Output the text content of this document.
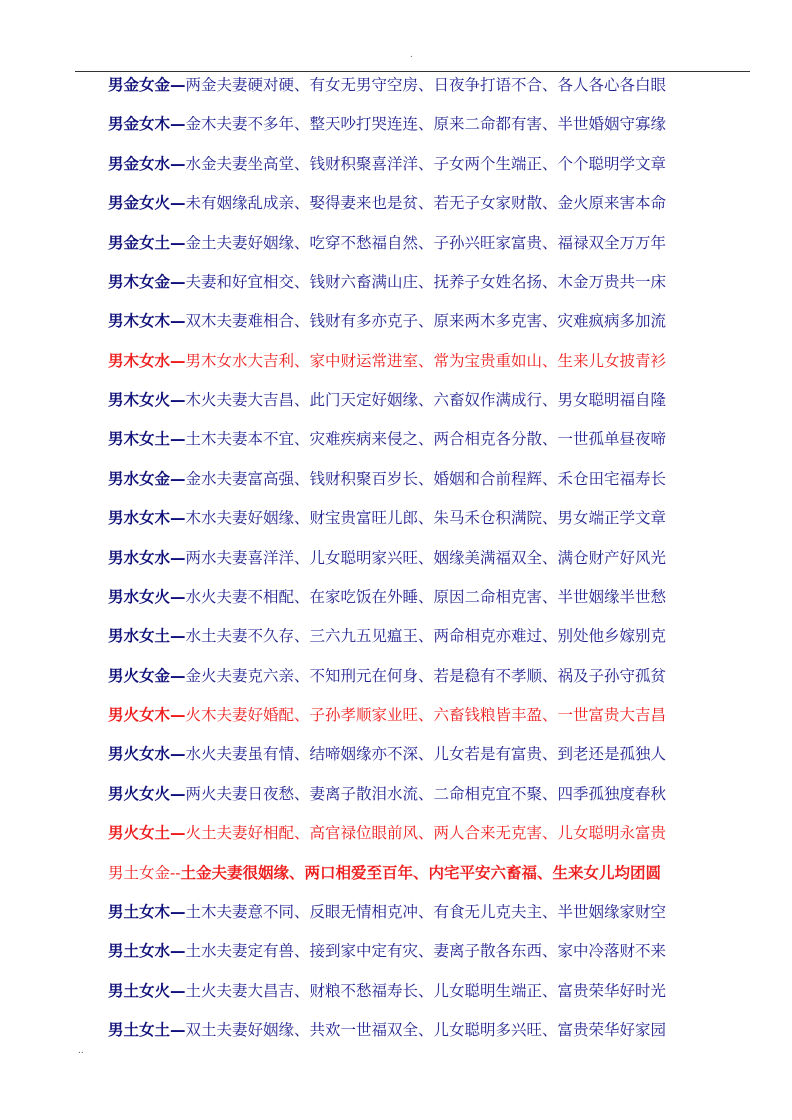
.
男金女金—两金夫妻硬对硬、有女无男守空房、日夜争打语不合、各人各心各白眼
男金女木—金木夫妻不多年、整天吵打哭连连、原来二命都有害、半世婚姻守寡缘
男金女水—水金夫妻坐高堂、钱财积聚喜洋洋、子女两个生端正、个个聪明学文章
男金女火—未有姻缘乱成亲、娶得妻来也是贫、若无子女家财散、金火原来害本命
男金女土—金土夫妻好姻缘、吃穿不愁福自然、子孙兴旺家富贵、福禄双全万万年
男木女金—夫妻和好宜相交、钱财六畜满山庄、抚养子女姓名扬、木金万贵共一床
男木女木—双木夫妻难相合、钱财有多亦克子、原来两木多克害、灾难疯病多加流
男木女水—男木女水大吉利、家中财运常进室、常为宝贵重如山、生来儿女披青衫
男木女火—木火夫妻大吉昌、此门天定好姻缘、六畜奴作满成行、男女聪明福自隆
男木女土—土木夫妻本不宜、灾难疾病来侵之、两合相克各分散、一世孤单昼夜啼
男水女金—金水夫妻富高强、钱财积聚百岁长、婚姻和合前程辉、禾仓田宅福寿长
男水女木—木水夫妻好姻缘、财宝贵富旺儿郎、朱马禾仓积满院、男女端正学文章
男水女水—两水夫妻喜洋洋、儿女聪明家兴旺、姻缘美满福双全、满仓财产好风光
男水女火—水火夫妻不相配、在家吃饭在外睡、原因二命相克害、半世姻缘半世愁
男水女土—水土夫妻不久存、三六九五见瘟王、两命相克亦难过、别处他乡嫁别克
男火女金—金火夫妻克六亲、不知刑元在何身、若是稳有不孝顺、祸及子孙守孤贫
男火女木—火木夫妻好婚配、子孙孝顺家业旺、六畜钱粮皆丰盈、一世富贵大吉昌
男火女水—水火夫妻虽有情、结啼姻缘亦不深、儿女若是有富贵、到老还是孤独人
男火女火—两火夫妻日夜愁、妻离子散泪水流、二命相克宜不聚、四季孤独度春秋
男火女土—火土夫妻好相配、高官禄位眼前风、两人合来无克害、儿女聪明永富贵
男土女金--土金夫妻很姻缘、两口相爱至百年、内宅平安六畜福、生来女儿均团圆
男土女木—土木夫妻意不同、反眼无情相克冲、有食无儿克夫主、半世姻缘家财空
男土女水—土水夫妻定有兽、接到家中定有灾、妻离子散各东西、家中冷落财不来
男土女火—土火夫妻大昌吉、财粮不愁福寿长、儿女聪明生端正、富贵荣华好时光
男土女土—双土夫妻好姻缘、共欢一世福双全、儿女聪明多兴旺、富贵荣华好家园
..
